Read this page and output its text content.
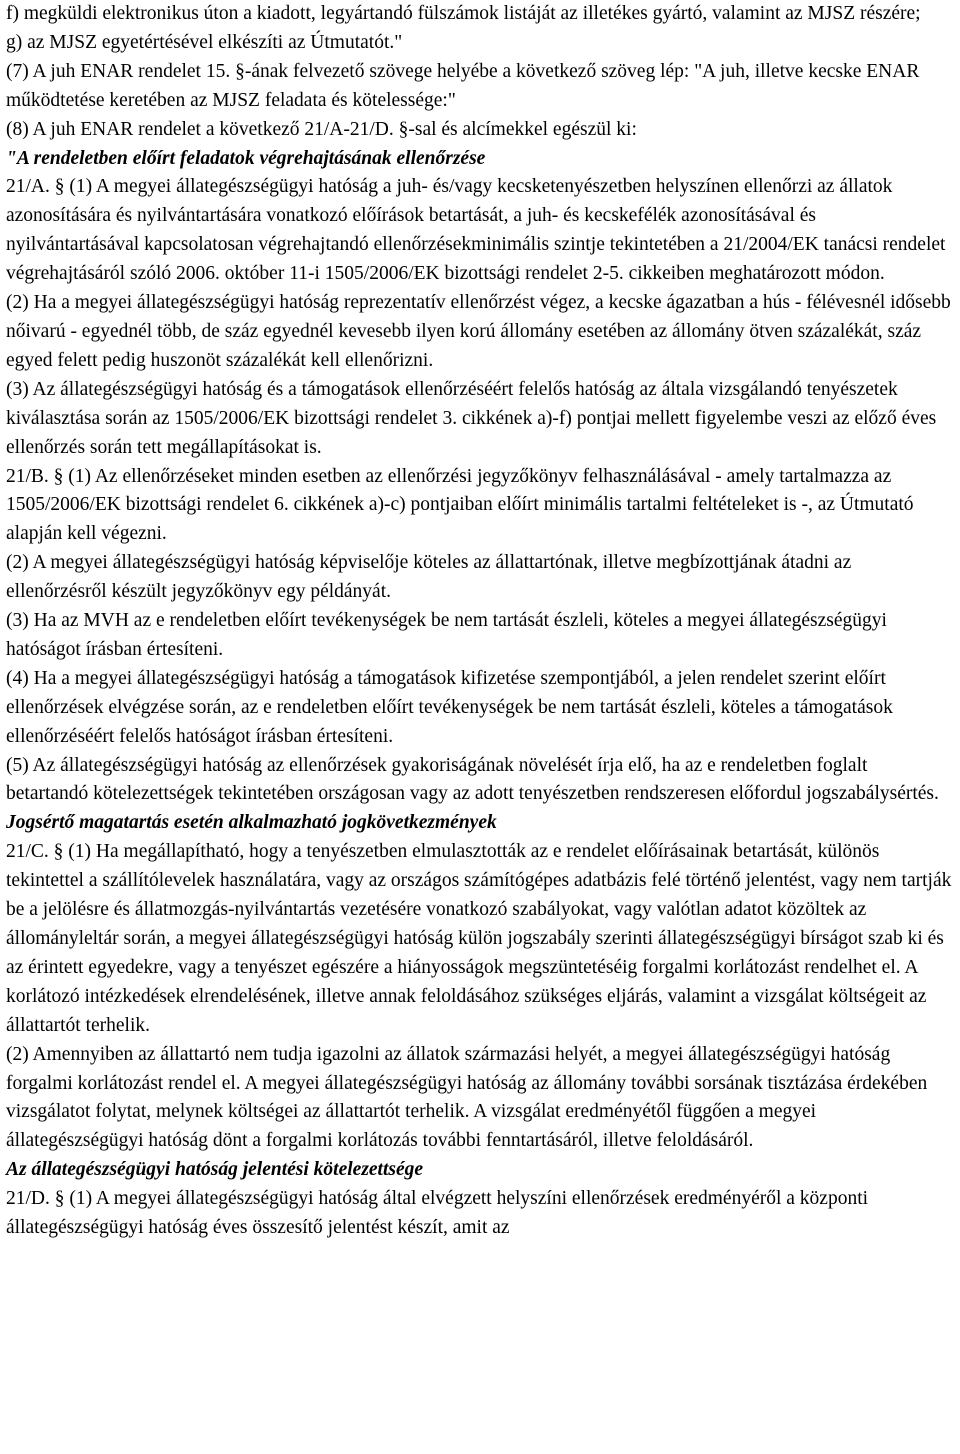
f) megküldi elektronikus úton a kiadott, legyártandó fülszámok listáját az illetékes gyártó, valamint az MJSZ részére;

g) az MJSZ egyetértésével elkészíti az Útmutatót."

(7) A juh ENAR rendelet 15. §-ának felvezető szövege helyébe a következő szöveg lép: "A juh, illetve kecske ENAR működtetése keretében az MJSZ feladata és kötelessége:"

(8) A juh ENAR rendelet a következő 21/A-21/D. §-sal és alcímekkel egészül ki:

"A rendeletben előírt feladatok végrehajtásának ellenőrzése

21/A. § (1) A megyei állategészségügyi hatóság a juh- és/vagy kecsketenyészetben helyszínen ellenőrzi az állatok azonosítására és nyilvántartására vonatkozó előírások betartását, a juh- és kecskefélék azonosításával és nyilvántartásával kapcsolatosan végrehajtandó ellenőrzésekminimális szintje tekintetében a 21/2004/EK tanácsi rendelet végrehajtásáról szóló 2006. október 11-i 1505/2006/EK bizottsági rendelet 2-5. cikkeiben meghatározott módon.

(2) Ha a megyei állategészségügyi hatóság reprezentatív ellenőrzést végez, a kecske ágazatban a hús - félévesnél idősebb nőivarú - egyednél több, de száz egyednél kevesebb ilyen korú állomány esetében az állomány ötven százalékát, száz egyed felett pedig huszonöt százalékát kell ellenőrizni.

(3) Az állategészségügyi hatóság és a támogatások ellenőrzéséért felelős hatóság az általa vizsgálandó tenyészetek kiválasztása során az 1505/2006/EK bizottsági rendelet 3. cikkének a)-f) pontjai mellett figyelembe veszi az előző éves ellenőrzés során tett megállapításokat is.

21/B. § (1) Az ellenőrzéseket minden esetben az ellenőrzési jegyzőkönyv felhasználásával - amely tartalmazza az 1505/2006/EK bizottsági rendelet 6. cikkének a)-c) pontjaiban előírt minimális tartalmi feltételeket is -, az Útmutató alapján kell végezni.

(2) A megyei állategészségügyi hatóság képviselője köteles az állattartónak, illetve megbízottjának átadni az ellenőrzésről készült jegyzőkönyv egy példányát.

(3) Ha az MVH az e rendeletben előírt tevékenységek be nem tartását észleli, köteles a megyei állategészségügyi hatóságot írásban értesíteni.

(4) Ha a megyei állategészségügyi hatóság a támogatások kifizetése szempontjából, a jelen rendelet szerint előírt ellenőrzések elvégzése során, az e rendeletben előírt tevékenységek be nem tartását észleli, köteles a támogatások ellenőrzéséért felelős hatóságot írásban értesíteni.

(5) Az állategészségügyi hatóság az ellenőrzések gyakoriságának növelését írja elő, ha az e rendeletben foglalt betartandó kötelezettségek tekintetében országosan vagy az adott tenyészetben rendszeresen előfordul jogszabálysértés.

Jogsértő magatartás esetén alkalmazható jogkövetkezmények

21/C. § (1) Ha megállapítható, hogy a tenyészetben elmulasztották az e rendelet előírásainak betartását, különös tekintettel a szállítólevelek használatára, vagy az országos számítógépes adatbázis felé történő jelentést, vagy nem tartják be a jelölésre és állatmozgás-nyilvántartás vezetésére vonatkozó szabályokat, vagy valótlan adatot közöltek az állományleltár során, a megyei állategészségügyi hatóság külön jogszabály szerinti állategészségügyi bírságot szab ki és az érintett egyedekre, vagy a tenyészet egészére a hiányosságok megszüntetéséig forgalmi korlátozást rendelhet el. A korlátozó intézkedések elrendelésének, illetve annak feloldásához szükséges eljárás, valamint a vizsgálat költségeit az állattartót terhelik.

(2) Amennyiben az állattartó nem tudja igazolni az állatok származási helyét, a megyei állategészségügyi hatóság forgalmi korlátozást rendel el. A megyei állategészségügyi hatóság az állomány további sorsának tisztázása érdekében vizsgálatot folytat, melynek költségei az állattartót terhelik. A vizsgálat eredményétől függően a megyei állategészségügyi hatóság dönt a forgalmi korlátozás további fenntartásáról, illetve feloldásáról.

Az állategészségügyi hatóság jelentési kötelezettsége

21/D. § (1) A megyei állategészségügyi hatóság által elvégzett helyszíni ellenőrzések eredményéről a központi állategészségügyi hatóság éves összesítő jelentést készít, amit az
